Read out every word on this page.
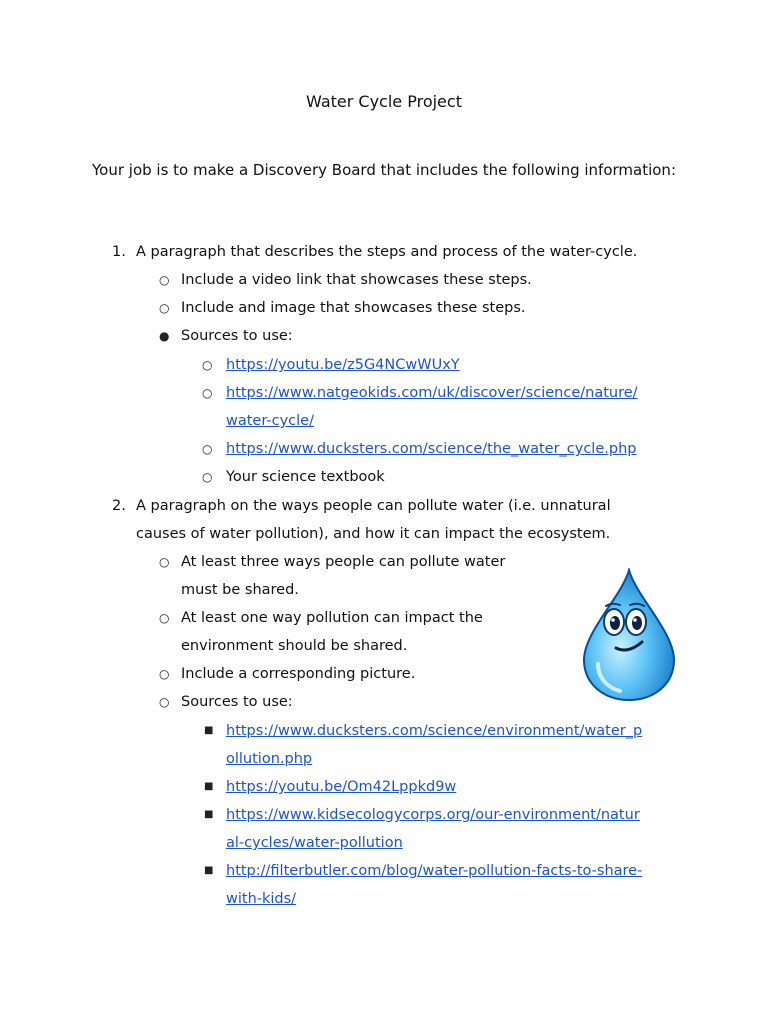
Water Cycle Project
Your job is to make a Discovery Board that includes the following information:
1. A paragraph that describes the steps and process of the water-cycle.
○ Include a video link that showcases these steps.
○ Include and image that showcases these steps.
● Sources to use:
○ https://youtu.be/z5G4NCwWUxY
○ https://www.natgeokids.com/uk/discover/science/nature/
water-cycle/
○ https://www.ducksters.com/science/the_water_cycle.php
○ Your science textbook
2. A paragraph on the ways people can pollute water (i.e. unnatural
causes of water pollution), and how it can impact the ecosystem.
○ At least three ways people can pollute water
must be shared.
○ At least one way pollution can impact the
environment should be shared.
○ Include a corresponding picture.
○ Sources to use:
■ https://www.ducksters.com/science/environment/water_p
ollution.php
■ https://youtu.be/Om42Lppkd9w
■ https://www.kidsecologycorps.org/our-environment/natur
al-cycles/water-pollution
■ http://filterbutler.com/blog/water-pollution-facts-to-share-
with-kids/
